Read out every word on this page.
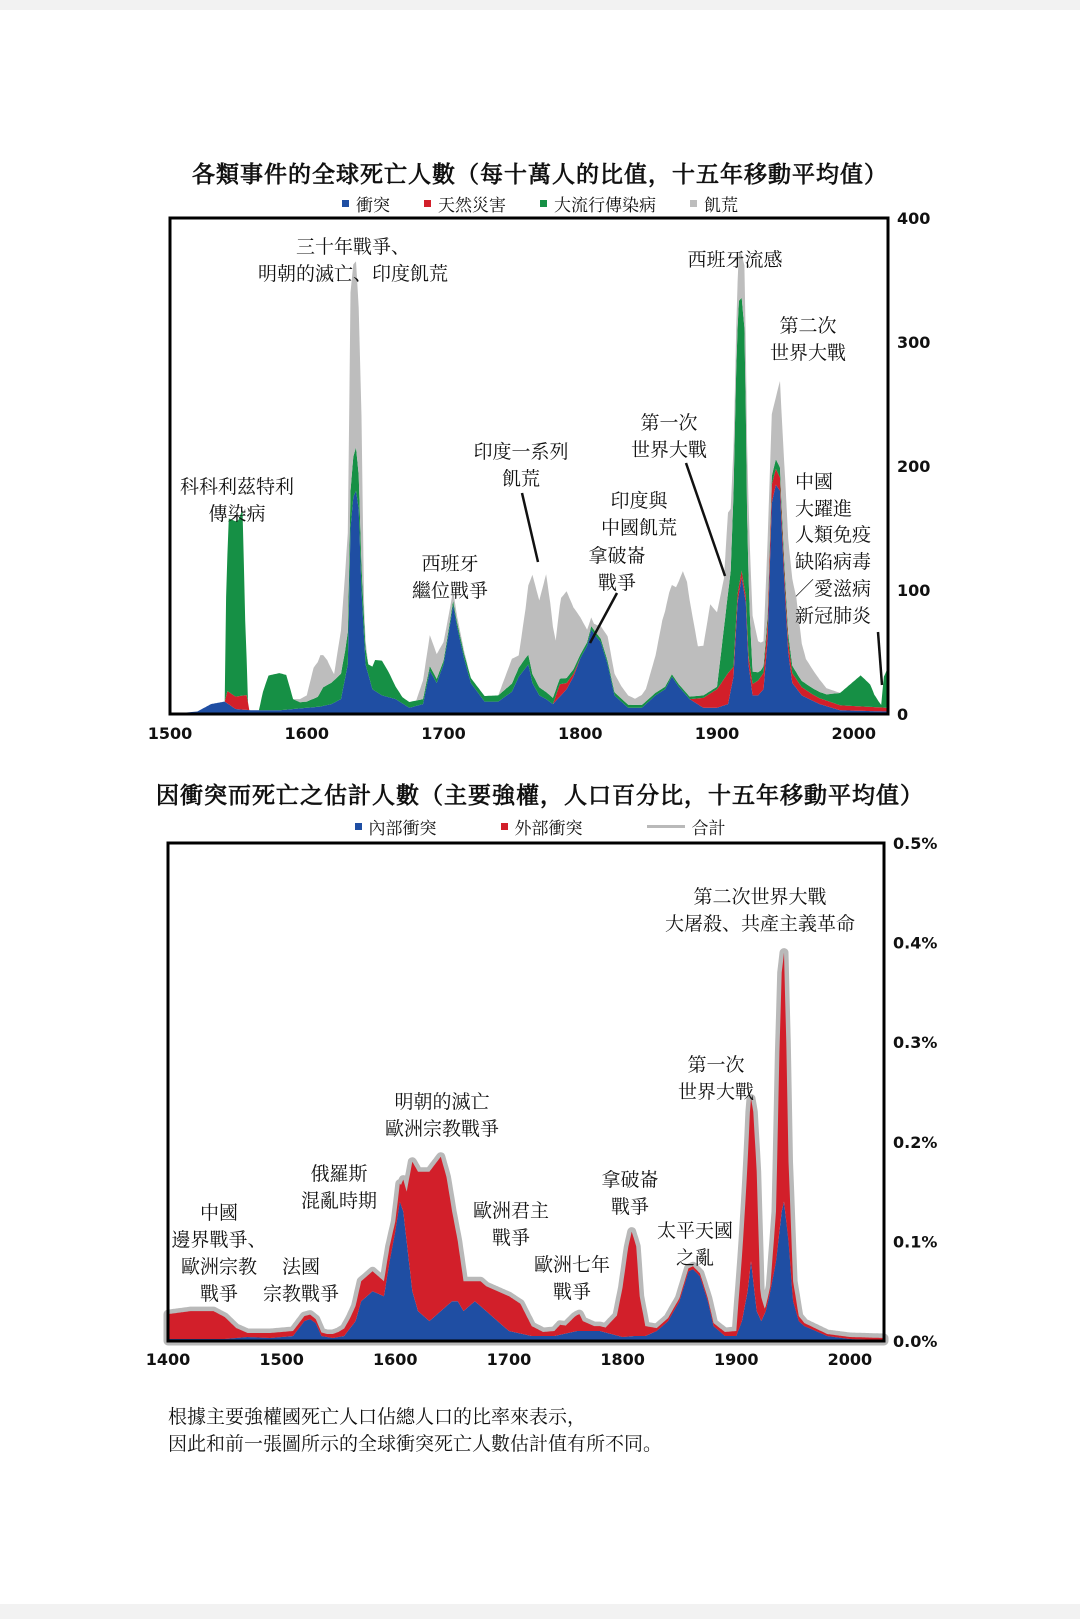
各類事件的全球死亡人數（每十萬人的比值，十五年移動平均值）
衝突	天然災害	大流行傳染病	飢荒
1500	1600	1700	1800	1900	2000
0
100
200
300
400
三十年戰爭、明朝的滅亡、印度飢荒
西班牙流感
第二次世界大戰
科科利茲特利傳染病
印度一系列飢荒
第一次世界大戰
中國大躍進
印度與中國飢荒	人類免疫缺陷病毒／愛滋病
新冠肺炎
西班牙繼位戰爭
拿破崙戰爭
因衝突而死亡之估計人數（主要強權，人口百分比，十五年移動平均值）
內部衝突	外部衝突	合計
1400	1500	1600	1700	1800	1900	2000
0.0%
0.1%
0.2%
0.3%
0.4%
0.5%
第二次世界大戰大屠殺、共產主義革命
第一次世界大戰
明朝的滅亡歐洲宗教戰爭
俄羅斯混亂時期
拿破崙戰爭
中國邊界戰爭、歐洲宗教戰爭
歐洲君主戰爭	太平天國之亂
法國宗教戰爭
歐洲七年戰爭
根據主要強權國死亡人口佔總人口的比率來表示，
因此和前一張圖所示的全球衝突死亡人數估計值有所不同。
